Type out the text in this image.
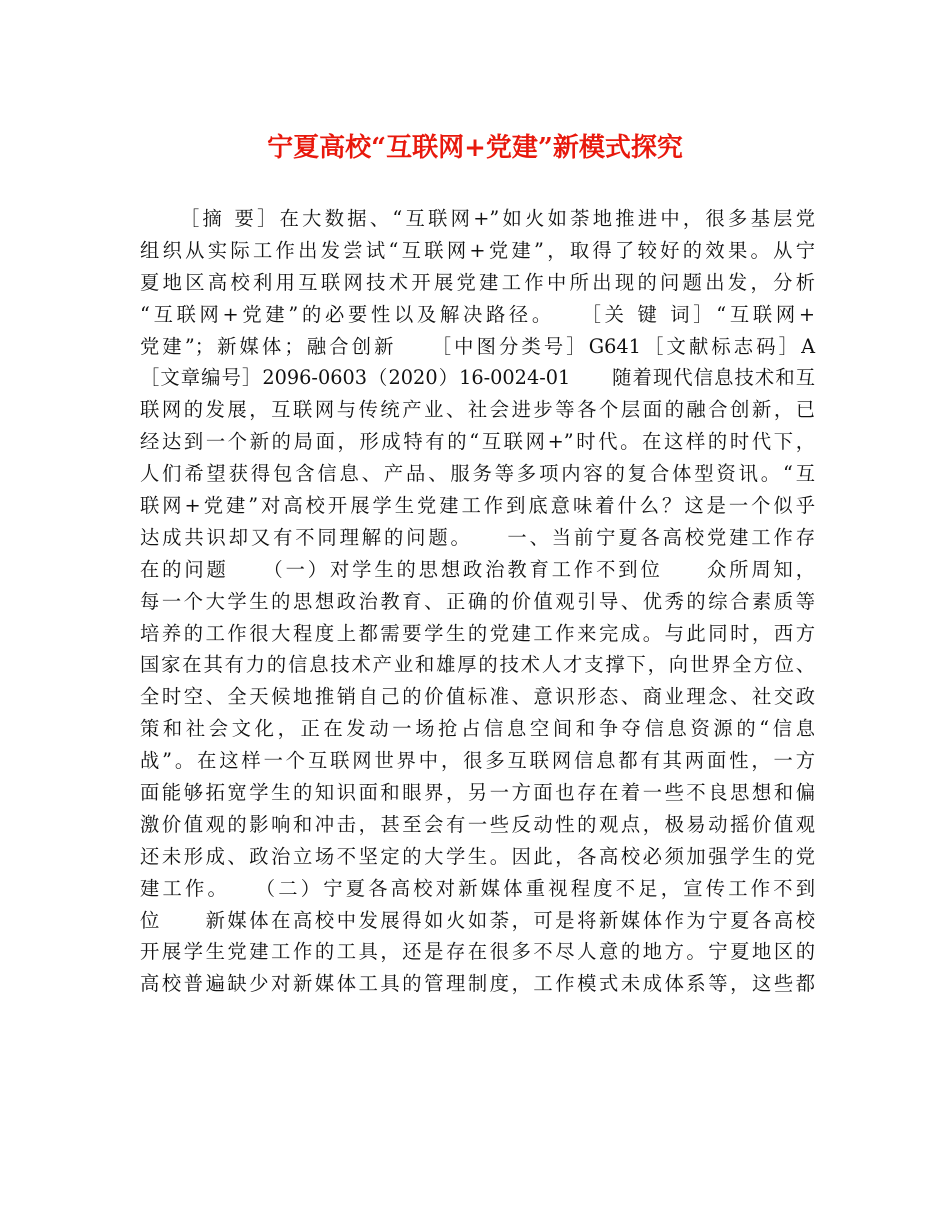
宁夏高校“互联网+党建”新模式探究
［摘 要］在大数据、“互联网+”如火如荼地推进中，很多基层党
组织从实际工作出发尝试“互联网+党建”，取得了较好的效果。从宁
夏地区高校利用互联网技术开展党建工作中所出现的问题出发，分析
“互联网+党建”的必要性以及解决路径。　　［关 键 词］“互联网+
党建”；新媒体；融合创新　　［中图分类号］G641［文献标志码］A
［文章编号］2096-0603（2020）16-0024-01　　随着现代信息技术和互
联网的发展，互联网与传统产业、社会进步等各个层面的融合创新，已
经达到一个新的局面，形成特有的“互联网+”时代。在这样的时代下，
人们希望获得包含信息、产品、服务等多项内容的复合体型资讯。“互
联网+党建”对高校开展学生党建工作到底意味着什么？这是一个似乎
达成共识却又有不同理解的问题。　　一、当前宁夏各高校党建工作存
在的问题　　（一）对学生的思想政治教育工作不到位　　众所周知，
每一个大学生的思想政治教育、正确的价值观引导、优秀的综合素质等
培养的工作很大程度上都需要学生的党建工作来完成。与此同时，西方
国家在其有力的信息技术产业和雄厚的技术人才支撑下，向世界全方位、
全时空、全天候地推销自己的价值标准、意识形态、商业理念、社交政
策和社会文化，正在发动一场抢占信息空间和争夺信息资源的“信息
战”。在这样一个互联网世界中，很多互联网信息都有其两面性，一方
面能够拓宽学生的知识面和眼界，另一方面也存在着一些不良思想和偏
激价值观的影响和冲击，甚至会有一些反动性的观点，极易动摇价值观
还未形成、政治立场不坚定的大学生。因此，各高校必须加强学生的党
建工作。　　（二）宁夏各高校对新媒体重视程度不足，宣传工作不到
位　　新媒体在高校中发展得如火如荼，可是将新媒体作为宁夏各高校
开展学生党建工作的工具，还是存在很多不尽人意的地方。宁夏地区的
高校普遍缺少对新媒体工具的管理制度，工作模式未成体系等，这些都
